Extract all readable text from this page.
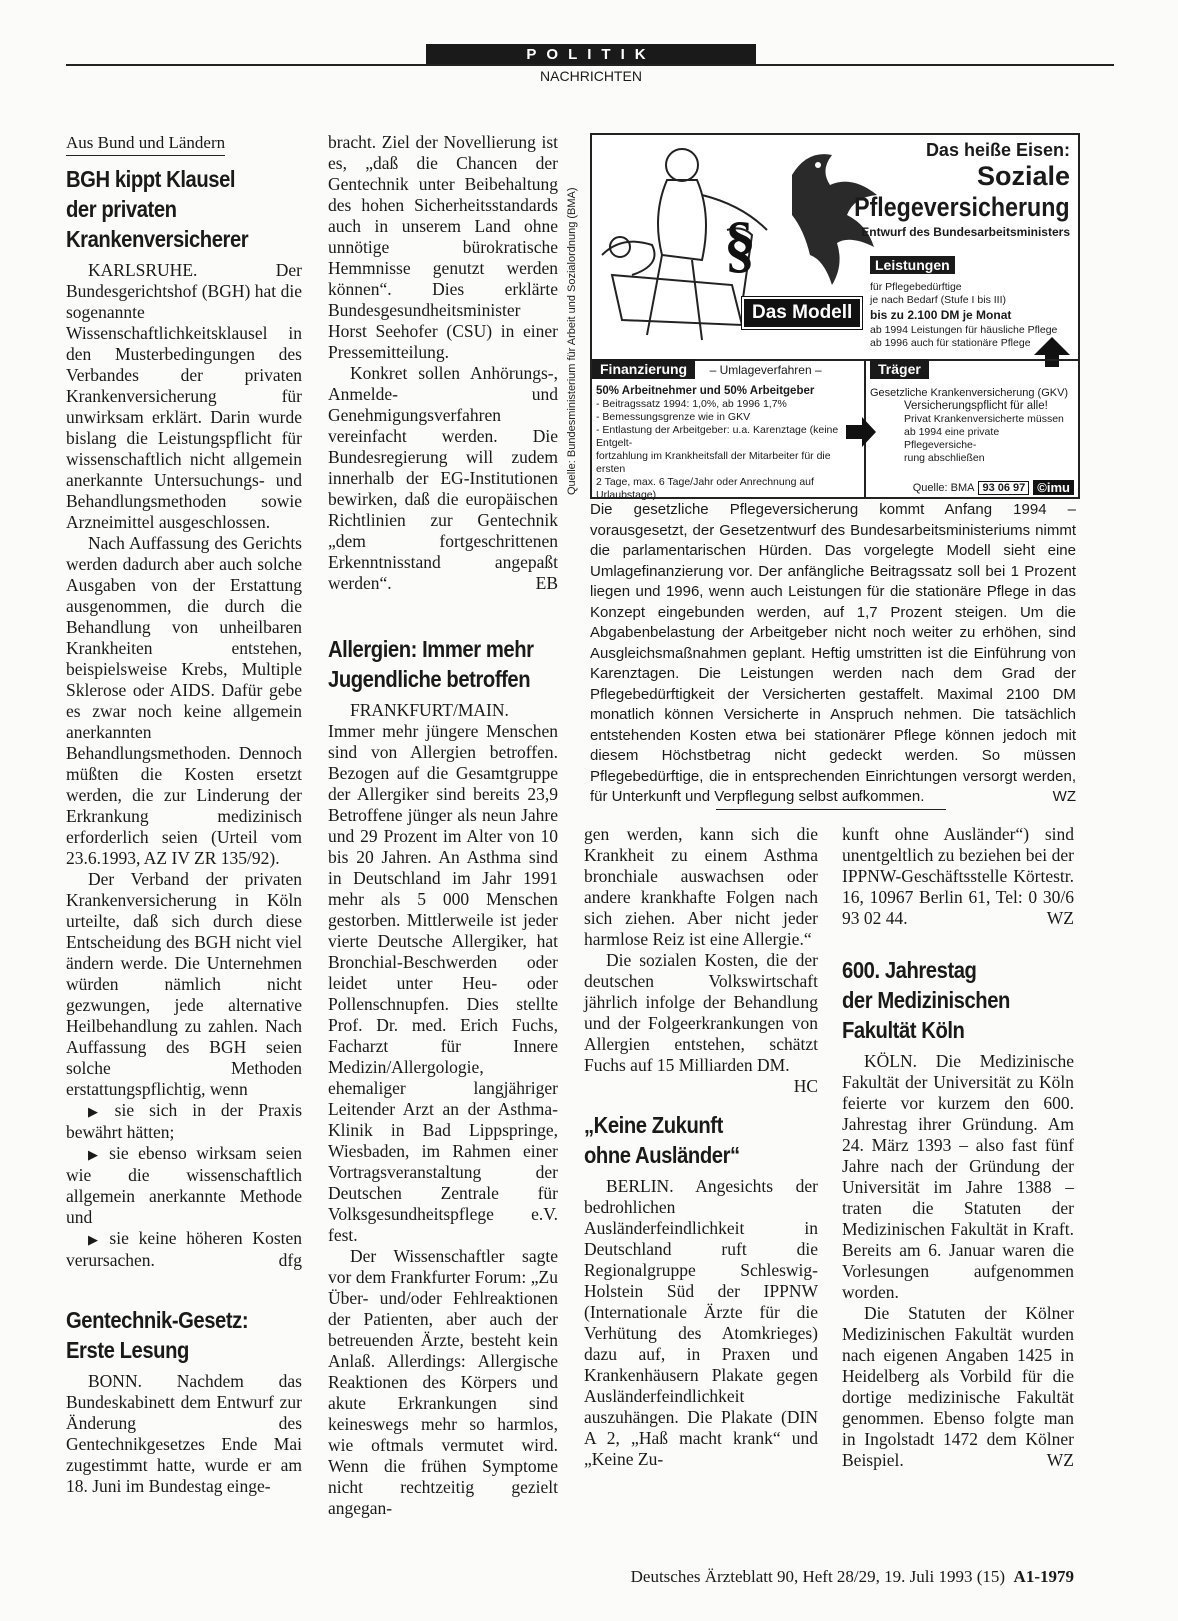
POLITIK
NACHRICHTEN
Aus Bund und Ländern
BGH kippt Klausel
der privaten
Krankenversicherer

KARLSRUHE. Der Bundesgerichtshof (BGH) hat die sogenannte Wissenschaftlichkeitsklausel in den Musterbedingungen des Verbandes der privaten Krankenversicherung für unwirksam erklärt. Darin wurde bislang die Leistungspflicht für wissenschaftlich nicht allgemein anerkannte Untersuchungs- und Behandlungsmethoden sowie Arzneimittel ausgeschlossen.

Nach Auffassung des Gerichts werden dadurch aber auch solche Ausgaben von der Erstattung ausgenommen, die durch die Behandlung von unheilbaren Krankheiten entstehen, beispielsweise Krebs, Multiple Sklerose oder AIDS. Dafür gebe es zwar noch keine allgemein anerkannten Behandlungsmethoden. Dennoch müßten die Kosten ersetzt werden, die zur Linderung der Erkrankung medizinisch erforderlich seien (Urteil vom 23.6.1993, AZ IV ZR 135/92).

Der Verband der privaten Krankenversicherung in Köln urteilte, daß sich durch diese Entscheidung des BGH nicht viel ändern werde. Die Unternehmen würden nämlich nicht gezwungen, jede alternative Heilbehandlung zu zahlen. Nach Auffassung des BGH seien solche Methoden erstattungspflichtig, wenn

▶ sie sich in der Praxis bewährt hätten;

▶ sie ebenso wirksam seien wie die wissenschaftlich allgemein anerkannte Methode und

▶ sie keine höheren Kosten verursachen.	dfg

Gentechnik-Gesetz:
Erste Lesung

BONN. Nachdem das Bundeskabinett dem Entwurf zur Änderung des Gentechnikgesetzes Ende Mai zugestimmt hatte, wurde er am 18. Juni im Bundestag einge-

bracht. Ziel der Novellierung ist es, „daß die Chancen der Gentechnik unter Beibehaltung des hohen Sicherheitsstandards auch in unserem Land ohne unnötige bürokratische Hemmnisse genutzt werden können“. Dies erklärte Bundesgesundheitsminister Horst Seehofer (CSU) in einer Pressemitteilung.

Konkret sollen Anhörungs-, Anmelde- und Genehmigungsverfahren vereinfacht werden. Die Bundesregierung will zudem innerhalb der EG-Institutionen bewirken, daß die europäischen Richtlinien zur Gentechnik „dem fortgeschrittenen Erkenntnisstand angepaßt werden“.	EB

Allergien: Immer mehr
Jugendliche betroffen

FRANKFURT/MAIN. Immer mehr jüngere Menschen sind von Allergien betroffen. Bezogen auf die Gesamtgruppe der Allergiker sind bereits 23,9 Betroffene jünger als neun Jahre und 29 Prozent im Alter von 10 bis 20 Jahren. An Asthma sind in Deutschland im Jahr 1991 mehr als 5 000 Menschen gestorben. Mittlerweile ist jeder vierte Deutsche Allergiker, hat Bronchial-Beschwerden oder leidet unter Heu- oder Pollenschnupfen. Dies stellte Prof. Dr. med. Erich Fuchs, Facharzt für Innere Medizin/Allergologie, ehemaliger langjähriger Leitender Arzt an der Asthma-Klinik in Bad Lippspringe, Wiesbaden, im Rahmen einer Vortragsveranstaltung der Deutschen Zentrale für Volksgesundheitspflege e.V. fest.

Der Wissenschaftler sagte vor dem Frankfurter Forum: „Zu Über- und/oder Fehlreaktionen der Patienten, aber auch der betreuenden Ärzte, besteht kein Anlaß. Allerdings: Allergische Reaktionen des Körpers und akute Erkrankungen sind keineswegs mehr so harmlos, wie oftmals vermutet wird. Wenn die frühen Symptome nicht rechtzeitig gezielt angegan-

Quelle: Bundesministerium für Arbeit und Sozialordnung (BMA) §
Das heiße Eisen:
Soziale
Pflegeversicherung
Entwurf des Bundesarbeitsministers
Das Modell
Leistungen
für Pflegebedürftige
je nach Bedarf (Stufe I bis III)
bis zu 2.100 DM je Monat
ab 1994 Leistungen für häusliche Pflege
ab 1996 auch für stationäre Pflege
Finanzierung – Umlageverfahren –
50% Arbeitnehmer und 50% Arbeitgeber
- Beitragssatz 1994: 1,0%, ab 1996 1,7%
- Bemessungsgrenze wie in GKV
- Entlastung der Arbeitgeber: u.a. Karenztage (keine Entgelt-
fortzahlung im Krankheitsfall der Mitarbeiter für die ersten
2 Tage, max. 6 Tage/Jahr oder Anrechnung auf Urlaubstage)
Träger
Gesetzliche Krankenversicherung (GKV)
Versicherungspflicht für alle!
Privat Krankenversicherte müssen
ab 1994 eine private Pflegeversiche-
rung abschließen
Quelle: BMA 93 06 97 ©imu

Die gesetzliche Pflegeversicherung kommt Anfang 1994 – vorausgesetzt, der Gesetzentwurf des Bundesarbeitsministeriums nimmt die parlamentarischen Hürden. Das vorgelegte Modell sieht eine Umlagefinanzierung vor. Der anfängliche Beitragssatz soll bei 1 Prozent liegen und 1996, wenn auch Leistungen für die stationäre Pflege in das Konzept eingebunden werden, auf 1,7 Prozent steigen. Um die Abgabenbelastung der Arbeitgeber nicht noch weiter zu erhöhen, sind Ausgleichsmaßnahmen geplant. Heftig umstritten ist die Einführung von Karenztagen. Die Leistungen werden nach dem Grad der Pflegebedürftigkeit der Versicherten gestaffelt. Maximal 2100 DM monatlich können Versicherte in Anspruch nehmen. Die tatsächlich entstehenden Kosten etwa bei stationärer Pflege können jedoch mit diesem Höchstbetrag nicht gedeckt werden. So müssen Pflegebedürftige, die in entsprechenden Einrichtungen versorgt werden, für Unterkunft und Verpflegung selbst aufkommen.	WZ

gen werden, kann sich die Krankheit zu einem Asthma bronchiale auswachsen oder andere krankhafte Folgen nach sich ziehen. Aber nicht jeder harmlose Reiz ist eine Allergie.“

Die sozialen Kosten, die der deutschen Volkswirtschaft jährlich infolge der Behandlung und der Folgeerkrankungen von Allergien entstehen, schätzt Fuchs auf 15 Milliarden DM.
HC

„Keine Zukunft
ohne Ausländer“

BERLIN. Angesichts der bedrohlichen Ausländerfeindlichkeit in Deutschland ruft die Regionalgruppe Schleswig-Holstein Süd der IPPNW (Internationale Ärzte für die Verhütung des Atomkrieges) dazu auf, in Praxen und Krankenhäusern Plakate gegen Ausländerfeindlichkeit auszuhängen. Die Plakate (DIN A 2, „Haß macht krank“ und „Keine Zu-

kunft ohne Ausländer“) sind unentgeltlich zu beziehen bei der IPPNW-Geschäftsstelle Körtestr. 16, 10967 Berlin 61, Tel: 0 30/6 93 02 44.	WZ

600. Jahrestag
der Medizinischen
Fakultät Köln

KÖLN. Die Medizinische Fakultät der Universität zu Köln feierte vor kurzem den 600. Jahrestag ihrer Gründung. Am 24. März 1393 – also fast fünf Jahre nach der Gründung der Universität im Jahre 1388 – traten die Statuten der Medizinischen Fakultät in Kraft. Bereits am 6. Januar waren die Vorlesungen aufgenommen worden.

Die Statuten der Kölner Medizinischen Fakultät wurden nach eigenen Angaben 1425 in Heidelberg als Vorbild für die dortige medizinische Fakultät genommen. Ebenso folgte man in Ingolstadt 1472 dem Kölner Beispiel.	WZ

Deutsches Ärzteblatt 90, Heft 28/29, 19. Juli 1993 (15) A1-1979
